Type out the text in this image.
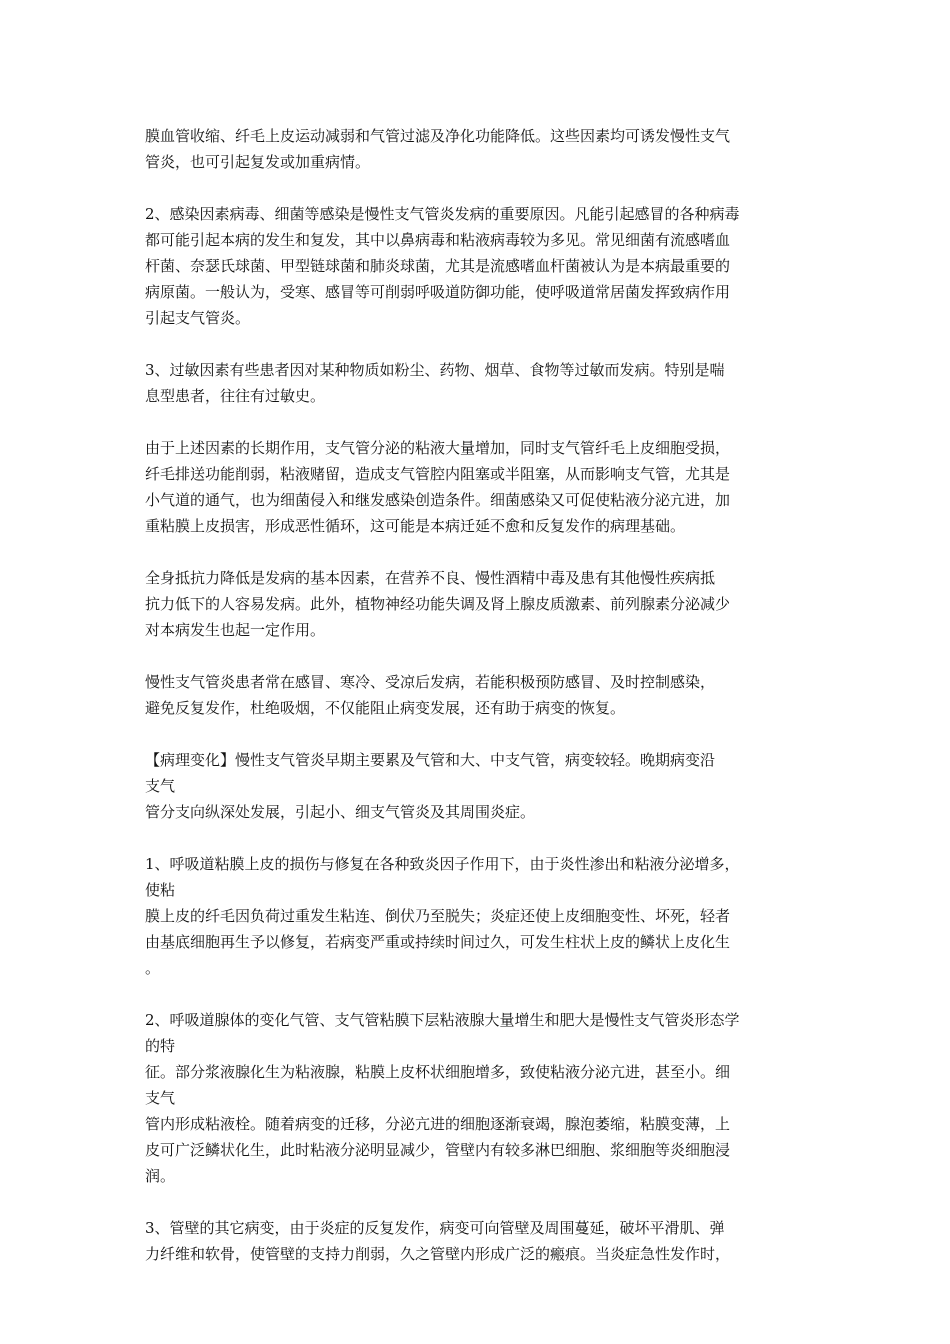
膜血管收缩、纤毛上皮运动减弱和气管过滤及净化功能降低。这些因素均可诱发慢性支气
管炎，也可引起复发或加重病情。
2、感染因素病毒、细菌等感染是慢性支气管炎发病的重要原因。凡能引起感冒的各种病毒
都可能引起本病的发生和复发，其中以鼻病毒和粘液病毒较为多见。常见细菌有流感嗜血
杆菌、奈瑟氏球菌、甲型链球菌和肺炎球菌，尤其是流感嗜血杆菌被认为是本病最重要的
病原菌。一般认为，受寒、感冒等可削弱呼吸道防御功能，使呼吸道常居菌发挥致病作用
引起支气管炎。
3、过敏因素有些患者因对某种物质如粉尘、药物、烟草、食物等过敏而发病。特别是喘
息型患者，往往有过敏史。
由于上述因素的长期作用，支气管分泌的粘液大量增加，同时支气管纤毛上皮细胞受损，
纤毛排送功能削弱，粘液赌留，造成支气管腔内阻塞或半阻塞，从而影响支气管，尤其是
小气道的通气，也为细菌侵入和继发感染创造条件。细菌感染又可促使粘液分泌亢进，加
重粘膜上皮损害，形成恶性循环，这可能是本病迁延不愈和反复发作的病理基础。
全身抵抗力降低是发病的基本因素，在营养不良、慢性酒精中毒及患有其他慢性疾病抵
抗力低下的人容易发病。此外，植物神经功能失调及肾上腺皮质激素、前列腺素分泌减少
对本病发生也起一定作用。
慢性支气管炎患者常在感冒、寒冷、受凉后发病，若能积极预防感冒、及时控制感染，
避免反复发作，杜绝吸烟，不仅能阻止病变发展，还有助于病变的恢复。
【病理变化】慢性支气管炎早期主要累及气管和大、中支气管，病变较轻。晚期病变沿
支气
管分支向纵深处发展，引起小、细支气管炎及其周围炎症。
1、呼吸道粘膜上皮的损伤与修复在各种致炎因子作用下，由于炎性渗出和粘液分泌增多，
使粘
膜上皮的纤毛因负荷过重发生粘连、倒伏乃至脱失；炎症还使上皮细胞变性、坏死，轻者
由基底细胞再生予以修复，若病变严重或持续时间过久，可发生柱状上皮的鳞状上皮化生
。
2、呼吸道腺体的变化气管、支气管粘膜下层粘液腺大量增生和肥大是慢性支气管炎形态学
的特
征。部分浆液腺化生为粘液腺，粘膜上皮杯状细胞增多，致使粘液分泌亢进，甚至小。细
支气
管内形成粘液栓。随着病变的迁移，分泌亢进的细胞逐渐衰竭，腺泡萎缩，粘膜变薄，上
皮可广泛鳞状化生，此时粘液分泌明显减少，管壁内有较多淋巴细胞、浆细胞等炎细胞浸
润。
3、管壁的其它病变，由于炎症的反复发作，病变可向管壁及周围蔓延，破坏平滑肌、弹
力纤维和软骨，使管壁的支持力削弱，久之管壁内形成广泛的瘢痕。当炎症急性发作时，
